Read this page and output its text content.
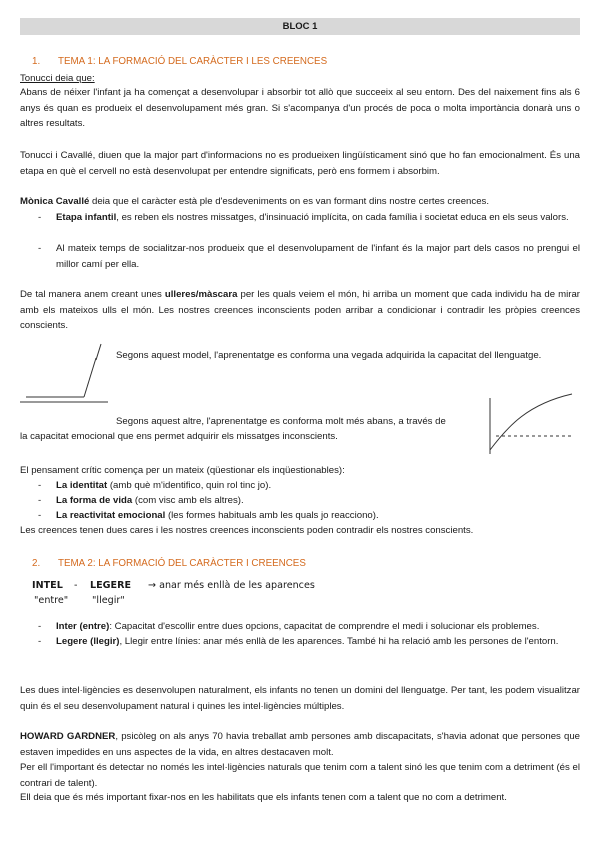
BLOC 1
1. TEMA 1: LA FORMACIÓ DEL CARÀCTER I LES CREENCES
Tonucci deia que:
Abans de néixer l'infant ja ha començat a desenvolupar i absorbir tot allò que succeeix al seu entorn. Des del naixement fins als 6 anys és quan es produeix el desenvolupament més gran. Si s'acompanya d'un procés de poca o molta importància donarà uns o altres resultats.
Tonucci i Cavallé, diuen que la major part d'informacions no es produeixen lingüísticament sinó que ho fan emocionalment. És una etapa en què el cervell no està desenvolupat per entendre significats, però ens formem i absorbim.
Mònica Cavallé deia que el caràcter està ple d'esdeveniments on es van formant dins nostre certes creences.
- Etapa infantil, es reben els nostres missatges, d'insinuació implícita, on cada família i societat educa en els seus valors.
- Al mateix temps de socialitzar-nos produeix que el desenvolupament de l'infant és la major part dels casos no prengui el millor camí per ella.
De tal manera anem creant unes ulleres/màscara per les quals veiem el món, hi arriba un moment que cada individu ha de mirar amb els mateixos ulls el món. Les nostres creences inconscients poden arribar a condicionar i contradir les pròpies creences conscients.
Segons aquest model, l'aprenentatge es conforma una vegada adquirida la capacitat del llenguatge.
Segons aquest altre, l'aprenentatge es conforma molt més abans, a través de
la capacitat emocional que ens permet adquirir els missatges inconscients.
El pensament crític comença per un mateix (qüestionar els inqüestionables):
- La identitat (amb què m'identifico, quin rol tinc jo).
- La forma de vida (com visc amb els altres).
- La reactivitat emocional (les formes habituals amb les quals jo reacciono).
Les creences tenen dues cares i les nostres creences inconscients poden contradir els nostres conscients.
2. TEMA 2: LA FORMACIÓ DEL CARÀCTER I CREENCES
INTEL - LEGERE → anar més enllà de les aparences
"entre" "llegir"
- Inter (entre): Capacitat d'escollir entre dues opcions, capacitat de comprendre el medi i solucionar els problemes.
- Legere (llegir), Llegir entre línies: anar més enllà de les aparences. També hi ha relació amb les persones de l'entorn.
Les dues intel·ligències es desenvolupen naturalment, els infants no tenen un domini del llenguatge. Per tant, les podem visualitzar quin és el seu desenvolupament natural i quines les intel·ligències múltiples.
HOWARD GARDNER, psicòleg on als anys 70 havia treballat amb persones amb discapacitats, s'havia adonat que persones que estaven impedides en uns aspectes de la vida, en altres destacaven molt.
Per ell l'important és detectar no només les intel·ligències naturals que tenim com a talent sinó les que tenim com a detriment (és el contrari de talent).
Ell deia que és més important fixar-nos en les habilitats que els infants tenen com a talent que no com a detriment.
